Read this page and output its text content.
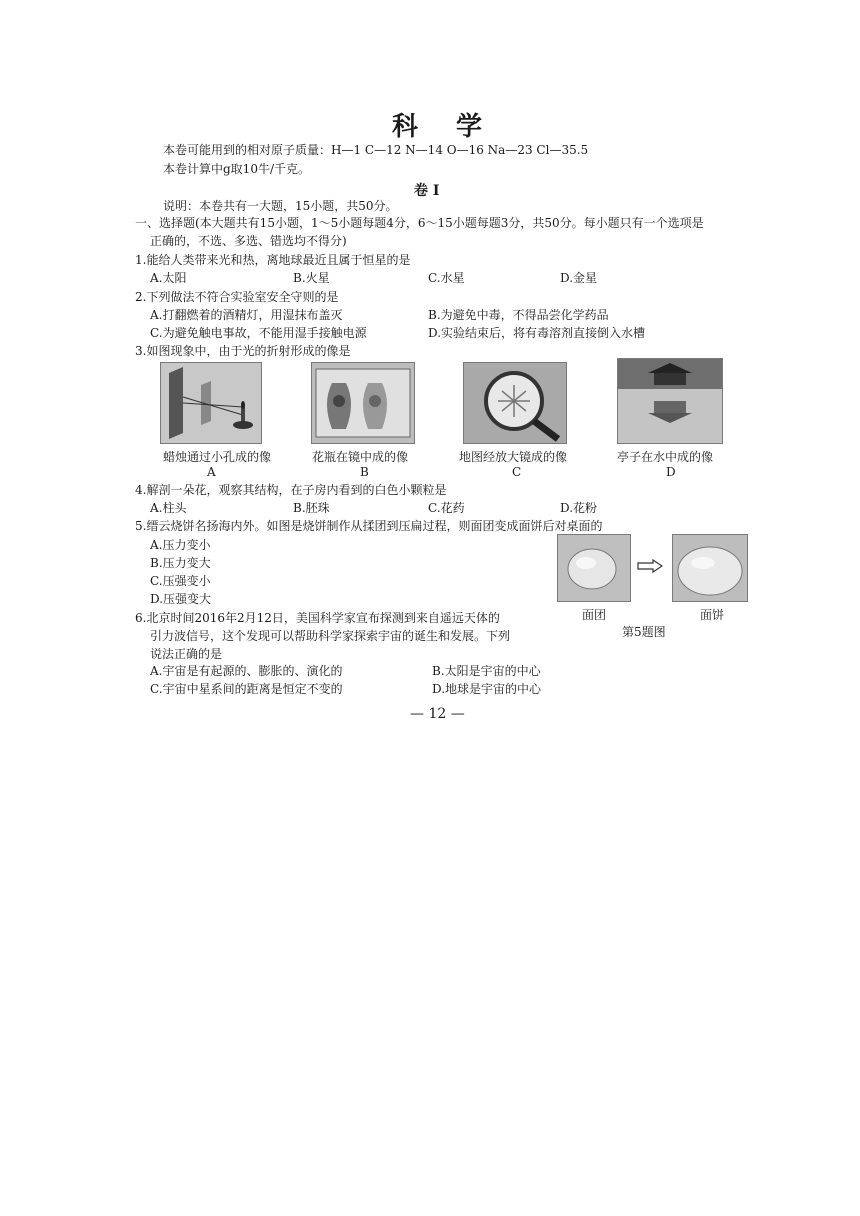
科 学
本卷可能用到的相对原子质量：H—1 C—12 N—14 O—16 Na—23 Cl—35.5
本卷计算中g取10牛/千克。
卷 Ⅰ
说明：本卷共有一大题，15小题，共50分。
一、选择题(本大题共有15小题，1～5小题每题4分，6～15小题每题3分，共50分。每小题只有一个选项是
正确的，不选、多选、错选均不得分)
1.能给人类带来光和热，离地球最近且属于恒星的是
A.太阳	B.火星	C.水星	D.金星
2.下列做法不符合实验室安全守则的是
A.打翻燃着的酒精灯，用湿抹布盖灭	B.为避免中毒，不得品尝化学药品
C.为避免触电事故，不能用湿手接触电源	D.实验结束后，将有毒溶剂直接倒入水槽
3.如图现象中，由于光的折射形成的像是
蜡烛通过小孔成的像	花瓶在镜中成的像	地图经放大镜成的像	亭子在水中成的像
A	B	C	D
4.解剖一朵花，观察其结构，在子房内看到的白色小颗粒是
A.柱头	B.胚珠	C.花药	D.花粉
5.缙云烧饼名扬海内外。如图是烧饼制作从揉团到压扁过程，则面团变成面饼后对桌面的
A.压力变小
B.压力变大
C.压强变小
D.压强变大
面团	面饼
第5题图
6.北京时间2016年2月12日，美国科学家宣布探测到来自遥远天体的
引力波信号，这个发现可以帮助科学家探索宇宙的诞生和发展。下列
说法正确的是
A.宇宙是有起源的、膨胀的、演化的	B.太阳是宇宙的中心
C.宇宙中星系间的距离是恒定不变的	D.地球是宇宙的中心
— 12 —
